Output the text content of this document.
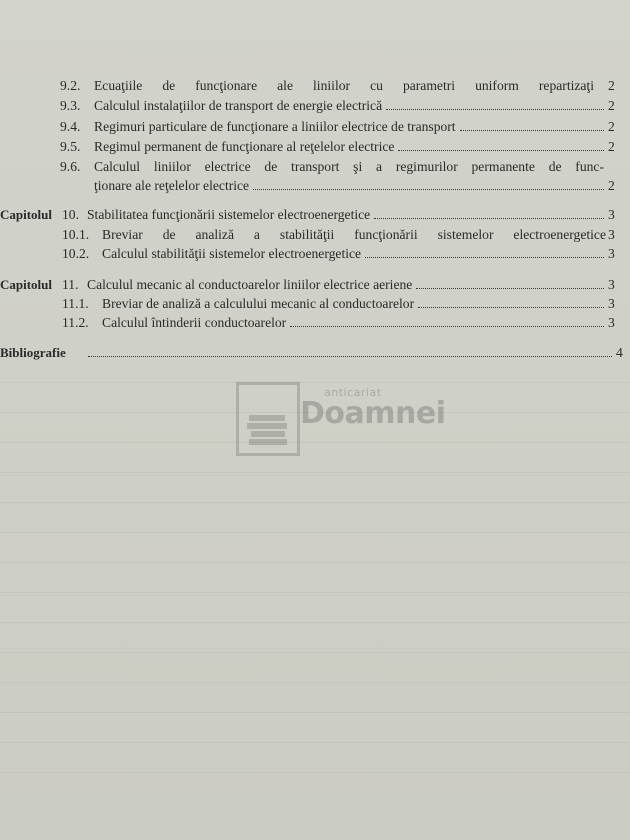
9.2.	Ecuaţiile de funcţionare ale liniilor cu parametri uniform repartizaţi 2
9.3.	Calculul instalaţiilor de transport de energie electrică	2
9.4.	Regimuri particulare de funcţionare a liniilor electrice de transport	2
9.5.	Regimul permanent de funcţionare al reţelelor electrice	2
9.6.	Calculul liniilor electrice de transport şi a regimurilor permanente de func-
ţionare ale reţelelor electrice	2
Capitolul 10. Stabilitatea funcţionării sistemelor electroenergetice	3
10.1. Breviar de analiză a stabilităţii funcţionării sistemelor electroenergetice 3
10.2. Calculul stabilităţii sistemelor electroenergetice	3
Capitolul 11. Calculul mecanic al conductoarelor liniilor electrice aeriene	3
11.1. Breviar de analiză a calculului mecanic al conductoarelor	3
11.2. Calculul întinderii conductoarelor	3
Bibliografie	4
anticariat
Doamnei
